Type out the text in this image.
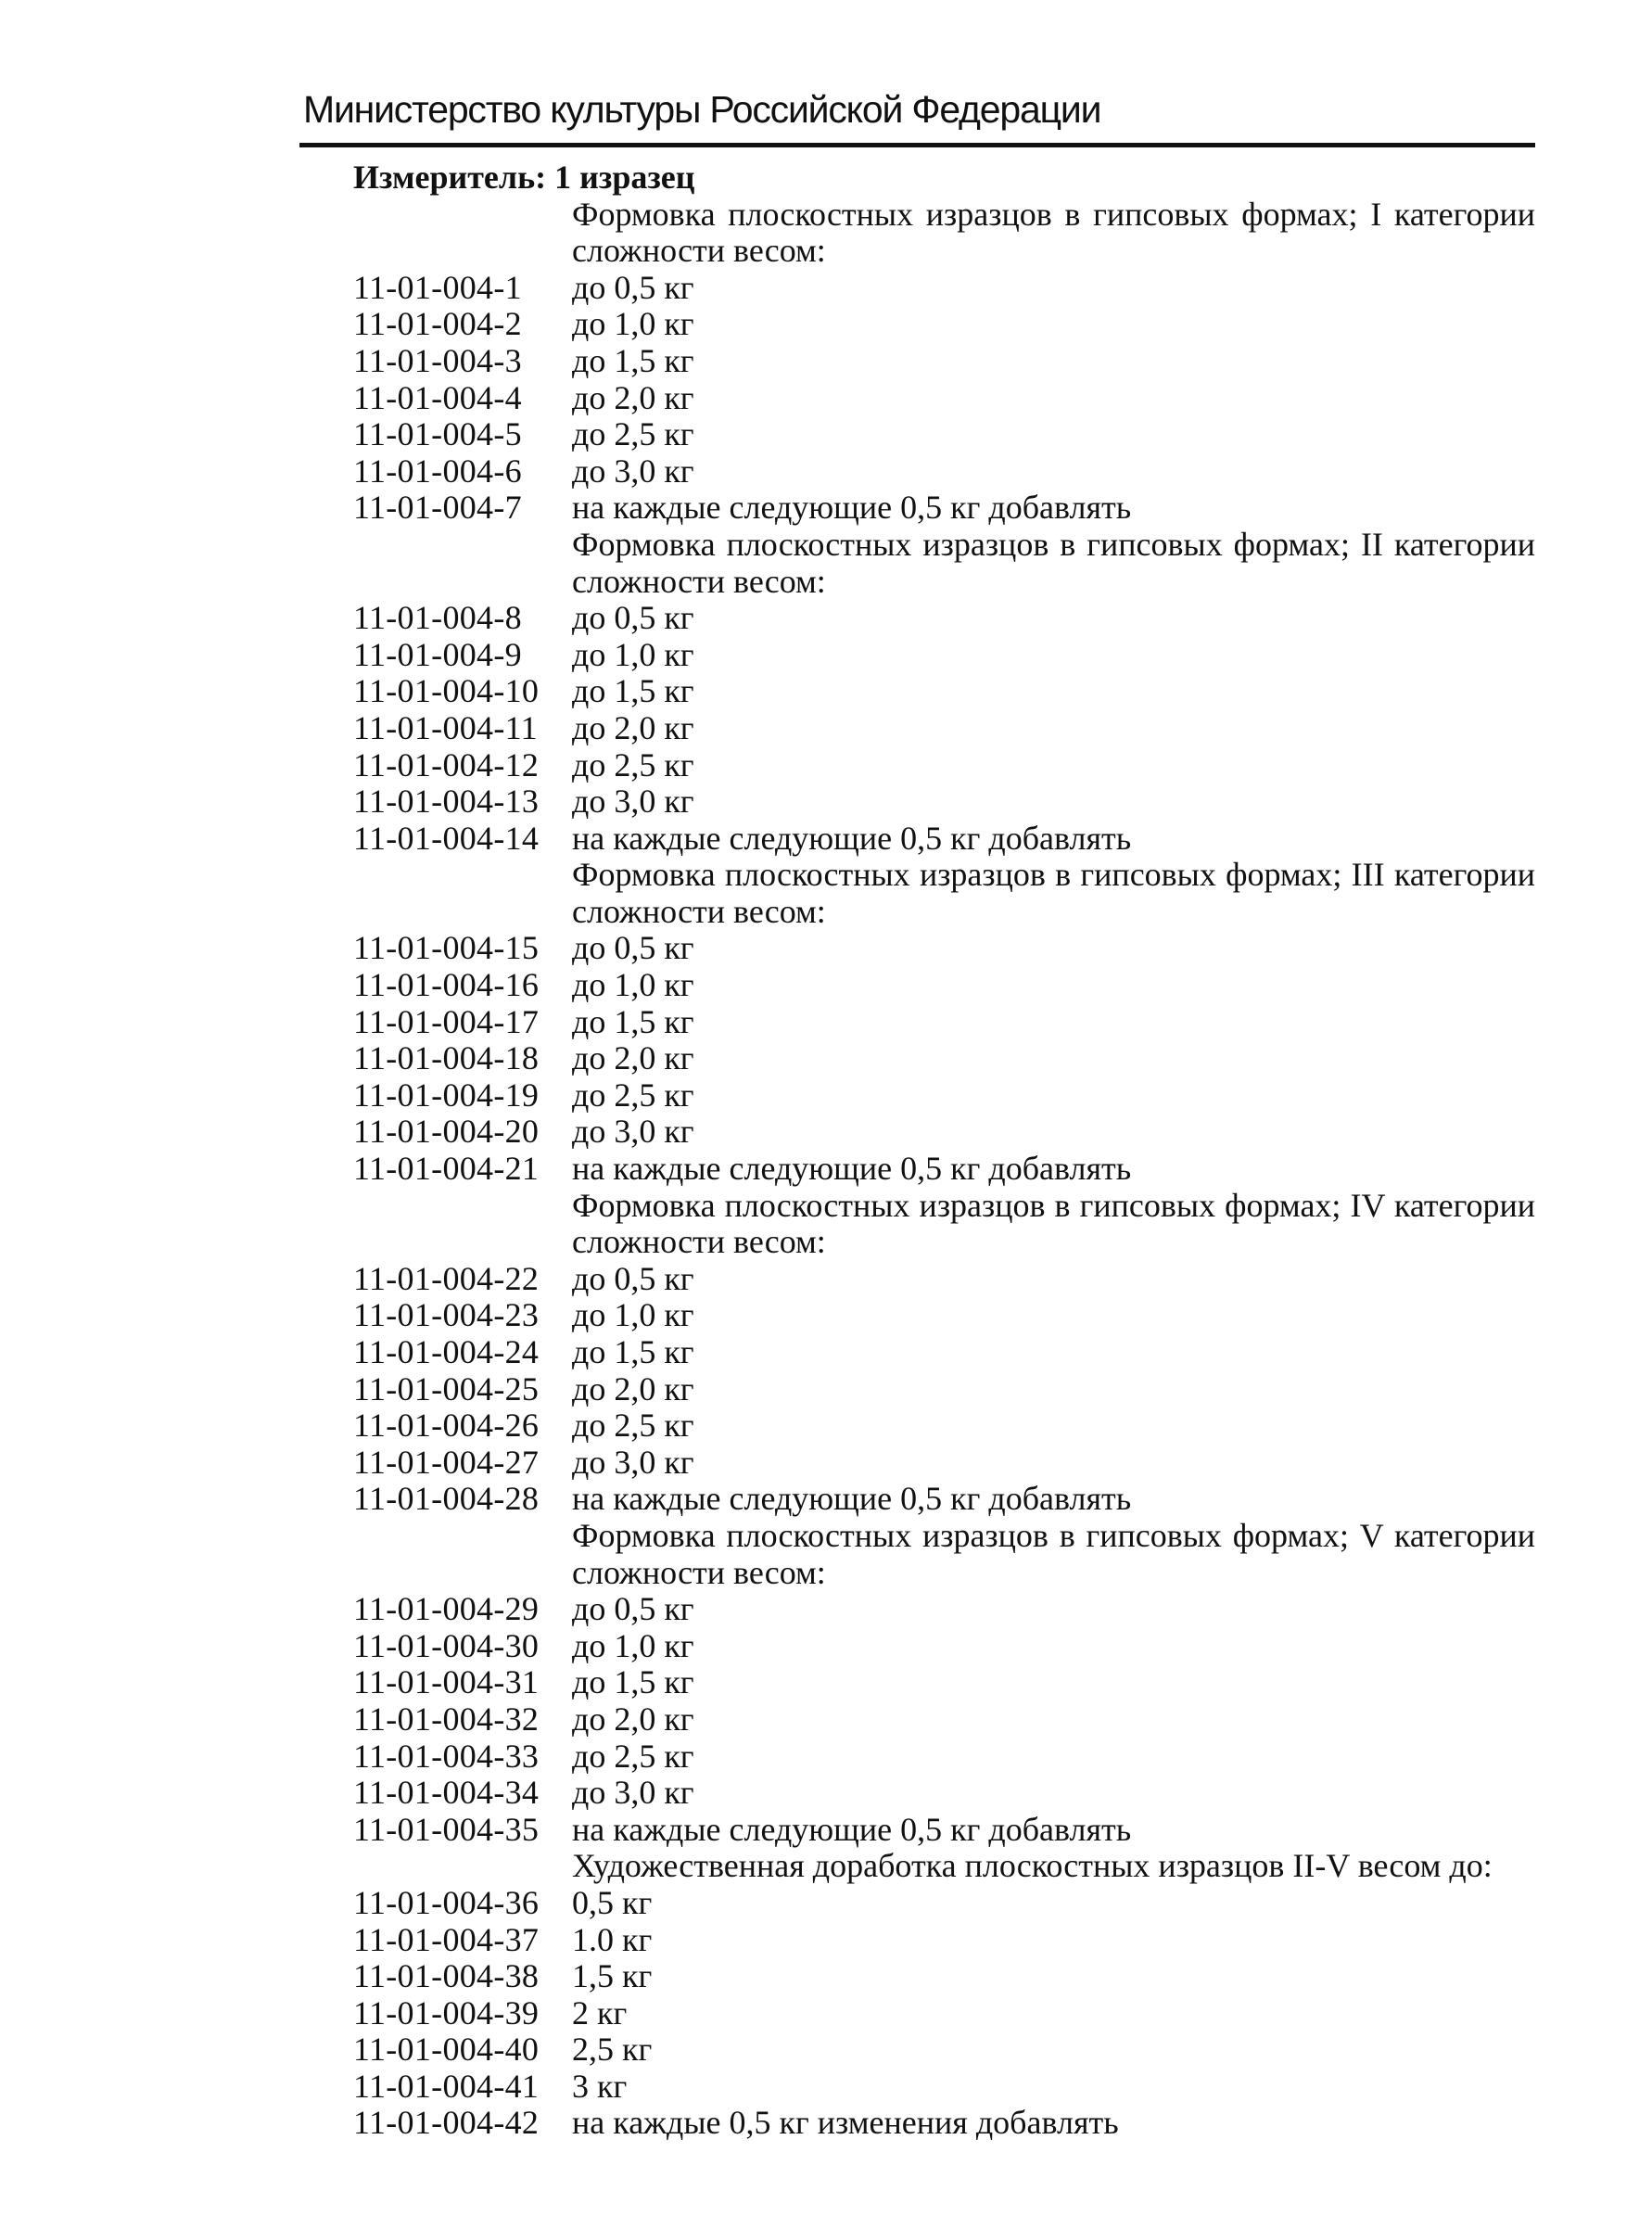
Министерство культуры Российской Федерации
Измеритель: 1 изразец
Формовка плоскостных изразцов в гипсовых формах; I категории сложности весом:
11-01-004-1	до 0,5 кг
11-01-004-2	до 1,0 кг
11-01-004-3	до 1,5 кг
11-01-004-4	до 2,0 кг
11-01-004-5	до 2,5 кг
11-01-004-6	до 3,0 кг
11-01-004-7	на каждые следующие 0,5 кг добавлять
Формовка плоскостных изразцов в гипсовых формах; II категории сложности весом:
11-01-004-8	до 0,5 кг
11-01-004-9	до 1,0 кг
11-01-004-10 до 1,5 кг
11-01-004-11	до 2,0 кг
11-01-004-12 до 2,5 кг
11-01-004-13 до 3,0 кг
11-01-004-14 на каждые следующие 0,5 кг добавлять
Формовка плоскостных изразцов в гипсовых формах; III категории сложности весом:
11-01-004-15 до 0,5 кг
11-01-004-16 до 1,0 кг
11-01-004-17 до 1,5 кг
11-01-004-18 до 2,0 кг
11-01-004-19 до 2,5 кг
11-01-004-20 до 3,0 кг
11-01-004-21 на каждые следующие 0,5 кг добавлять
Формовка плоскостных изразцов в гипсовых формах; IV категории сложности весом:
11-01-004-22 до 0,5 кг
11-01-004-23 до 1,0 кг
11-01-004-24 до 1,5 кг
11-01-004-25 до 2,0 кг
11-01-004-26 до 2,5 кг
11-01-004-27 до 3,0 кг
11-01-004-28 на каждые следующие 0,5 кг добавлять
Формовка плоскостных изразцов в гипсовых формах; V категории сложности весом:
11-01-004-29 до 0,5 кг
11-01-004-30 до 1,0 кг
11-01-004-31 до 1,5 кг
11-01-004-32 до 2,0 кг
11-01-004-33 до 2,5 кг
11-01-004-34 до 3,0 кг
11-01-004-35 на каждые следующие 0,5 кг добавлять
Художественная доработка плоскостных изразцов II-V весом до:
11-01-004-36 0,5 кг
11-01-004-37 1.0 кг
11-01-004-38 1,5 кг
11-01-004-39 2 кг
11-01-004-40 2,5 кг
11-01-004-41 3 кг
11-01-004-42 на каждые 0,5 кг изменения добавлять
